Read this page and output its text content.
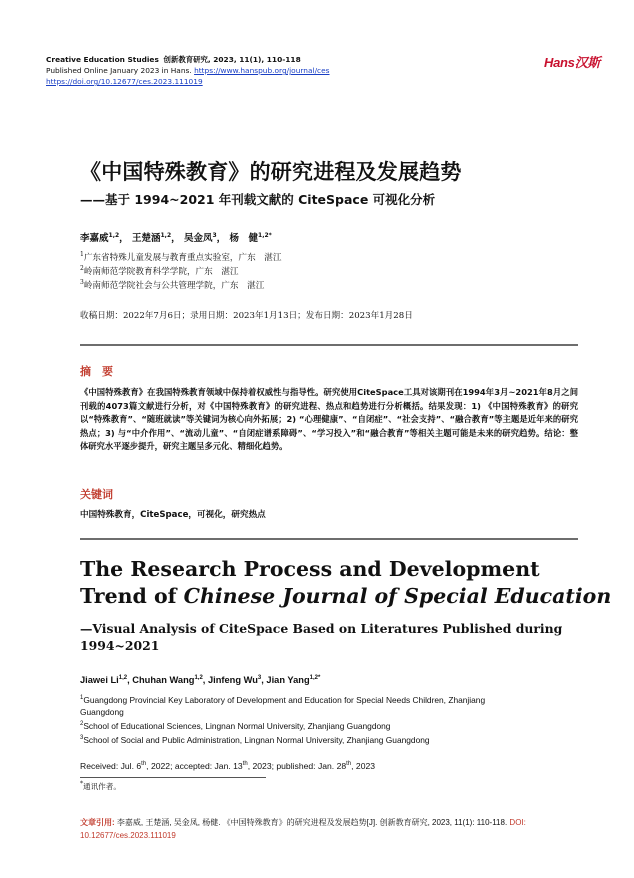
Creative Education Studies 创新教育研究, 2023, 11(1), 110-118
Published Online January 2023 in Hans. https://www.hanspub.org/journal/ces
https://doi.org/10.12677/ces.2023.111019
Hans汉斯
《中国特殊教育》的研究进程及发展趋势
——基于 1994~2021 年刊载文献的 CiteSpace 可视化分析
李嘉威$^{1,2}$， 王楚涵$^{1,2}$， 吴金凤$^3$， 杨　健$^{1,2*}$
$^1$广东省特殊儿童发展与教育重点实验室，广东　湛江
$^2$岭南师范学院教育科学学院，广东　湛江
$^3$岭南师范学院社会与公共管理学院，广东　湛江
收稿日期：2022年7月6日；录用日期：2023年1月13日；发布日期：2023年1月28日
摘　要
《中国特殊教育》在我国特殊教育领域中保持着权威性与指导性。研究使用CiteSpace工具对该期刊在1994年3月~2021年8月之间刊载的4073篇文献进行分析，对《中国特殊教育》的研究进程、热点和趋势进行分析概括。结果发现：1) 《中国特殊教育》的研究以“特殊教育”、“随班就读”等关键词为核心向外拓展；2) “心理健康”、“自闭症”、“社会支持”、“融合教育”等主题是近年来的研究热点；3) 与“中介作用”、“流动儿童”、“自闭症谱系障碍”、“学习投入”和“融合教育”等相关主题可能是未来的研究趋势。结论：整体研究水平逐步提升，研究主题呈多元化、精细化趋势。
关键词
中国特殊教育，CiteSpace，可视化，研究热点
The Research Process and Development
Trend of Chinese Journal of Special Education
—Visual Analysis of CiteSpace Based on Literatures Published during
1994~2021
Jiawei Li$^{1,2}$, Chuhan Wang$^{1,2}$, Jinfeng Wu$^3$, Jian Yang$^{1,2*}$
$^1$Guangdong Provincial Key Laboratory of Development and Education for Special Needs Children, Zhanjiang
Guangdong
$^2$School of Educational Sciences, Lingnan Normal University, Zhanjiang Guangdong
$^3$School of Social and Public Administration, Lingnan Normal University, Zhanjiang Guangdong
Received: Jul. 6th, 2022; accepted: Jan. 13th, 2023; published: Jan. 28th, 2023
*通讯作者。
文章引用: 李嘉威, 王楚涵, 吴金凤, 杨健. 《中国特殊教育》的研究进程及发展趋势[J]. 创新教育研究, 2023, 11(1): 110-118. DOI: 10.12677/ces.2023.111019
